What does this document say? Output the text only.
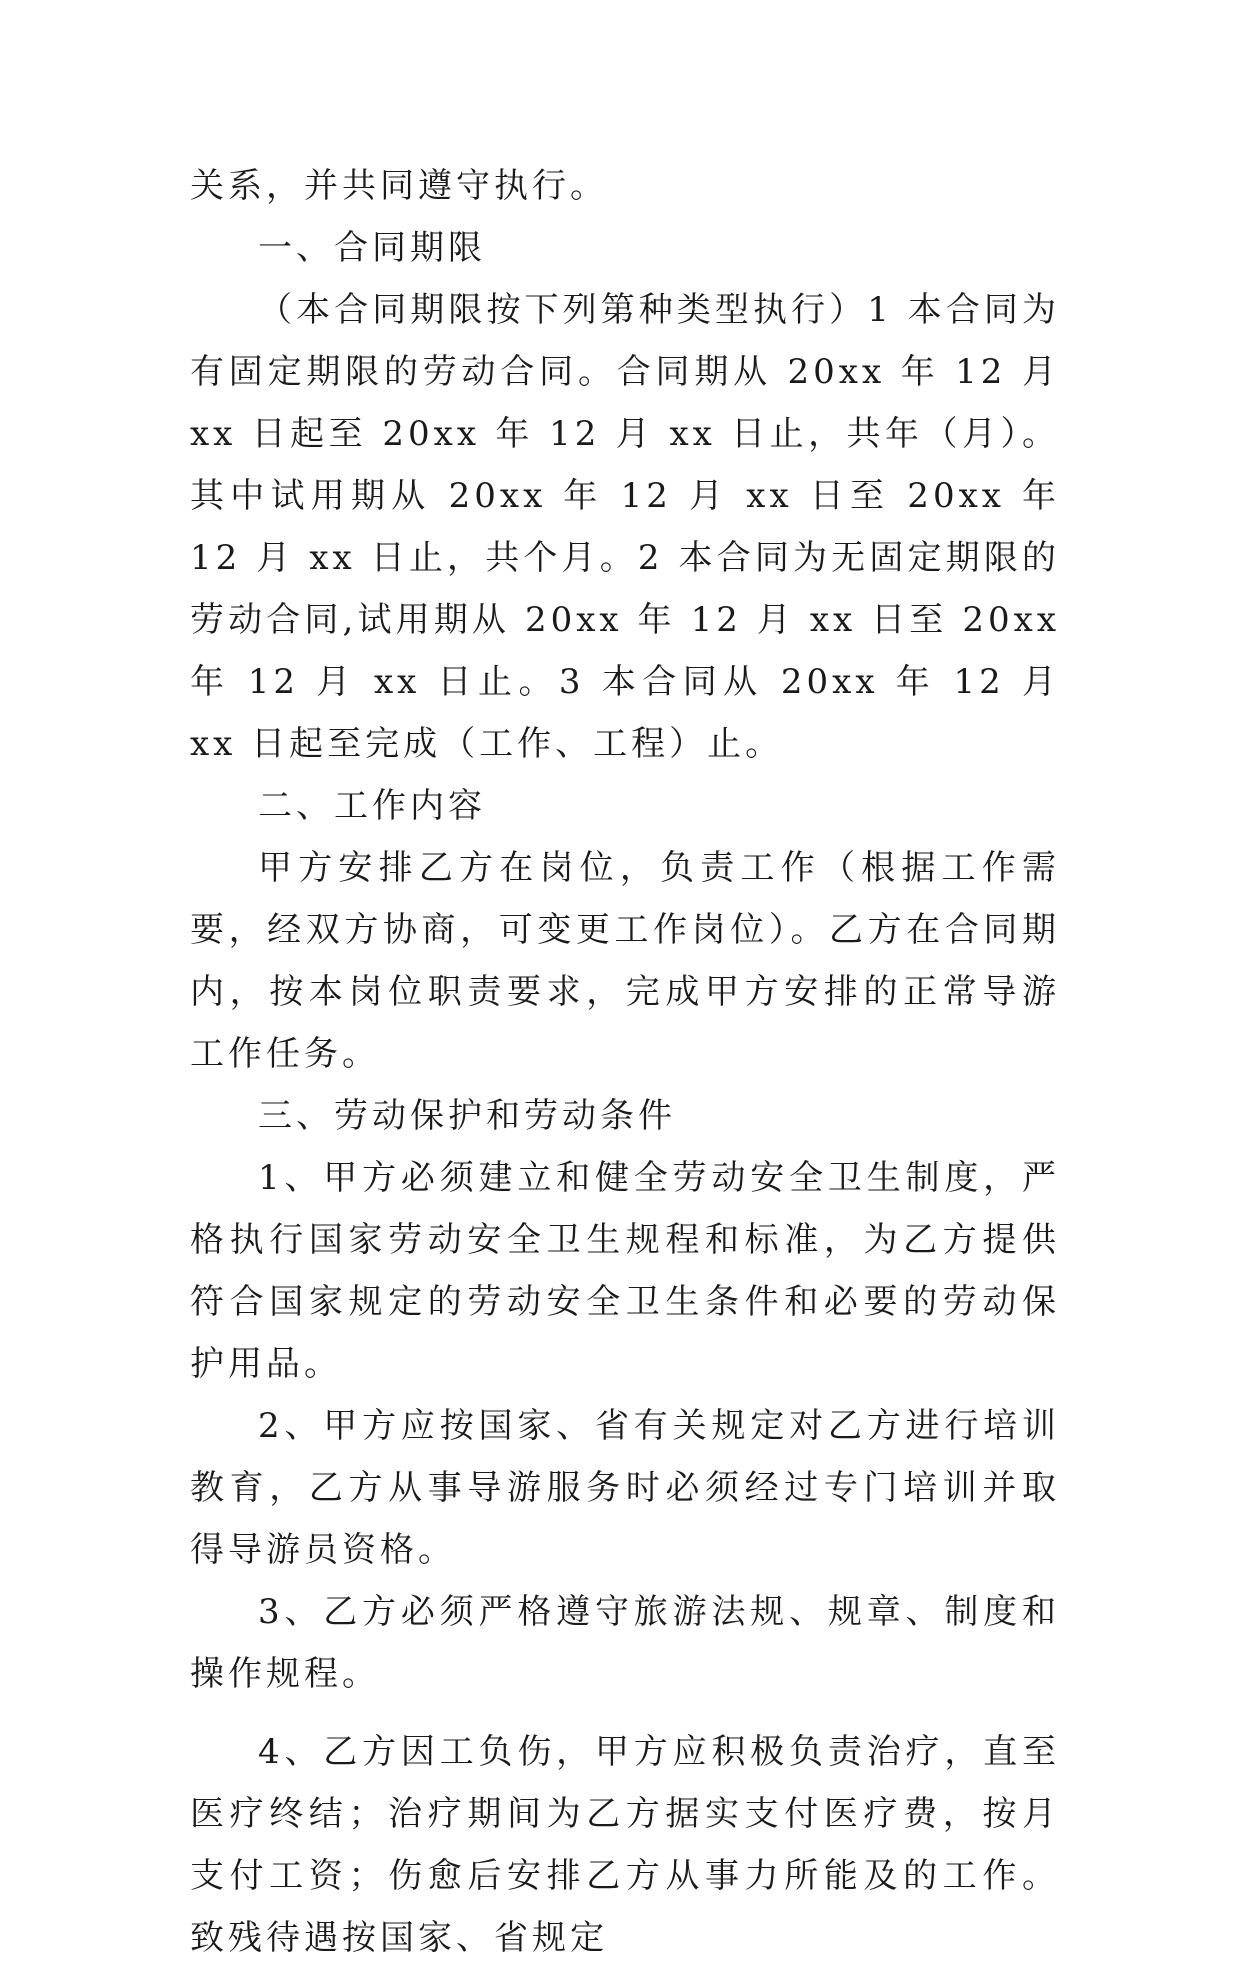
关系，并共同遵守执行。

一、合同期限

（本合同期限按下列第种类型执行）1 本合同为有固定期限的劳动合同。合同期从 20xx 年 12 月 xx 日起至 20xx 年 12 月 xx 日止，共年（月）。其中试用期从 20xx 年 12 月 xx 日至 20xx 年 12 月 xx 日止，共个月。2 本合同为无固定期限的劳动合同,试用期从 20xx 年 12 月 xx 日至 20xx 年 12 月 xx 日止。3 本合同从 20xx 年 12 月 xx 日起至完成（工作、工程）止。

二、工作内容

甲方安排乙方在岗位，负责工作（根据工作需要，经双方协商，可变更工作岗位）。乙方在合同期内，按本岗位职责要求，完成甲方安排的正常导游工作任务。

三、劳动保护和劳动条件

1、甲方必须建立和健全劳动安全卫生制度，严格执行国家劳动安全卫生规程和标准，为乙方提供符合国家规定的劳动安全卫生条件和必要的劳动保护用品。

2、甲方应按国家、省有关规定对乙方进行培训教育，乙方从事导游服务时必须经过专门培训并取得导游员资格。

3、乙方必须严格遵守旅游法规、规章、制度和操作规程。

4、乙方因工负伤，甲方应积极负责治疗，直至医疗终结；治疗期间为乙方据实支付医疗费，按月支付工资；伤愈后安排乙方从事力所能及的工作。致残待遇按国家、省规定
